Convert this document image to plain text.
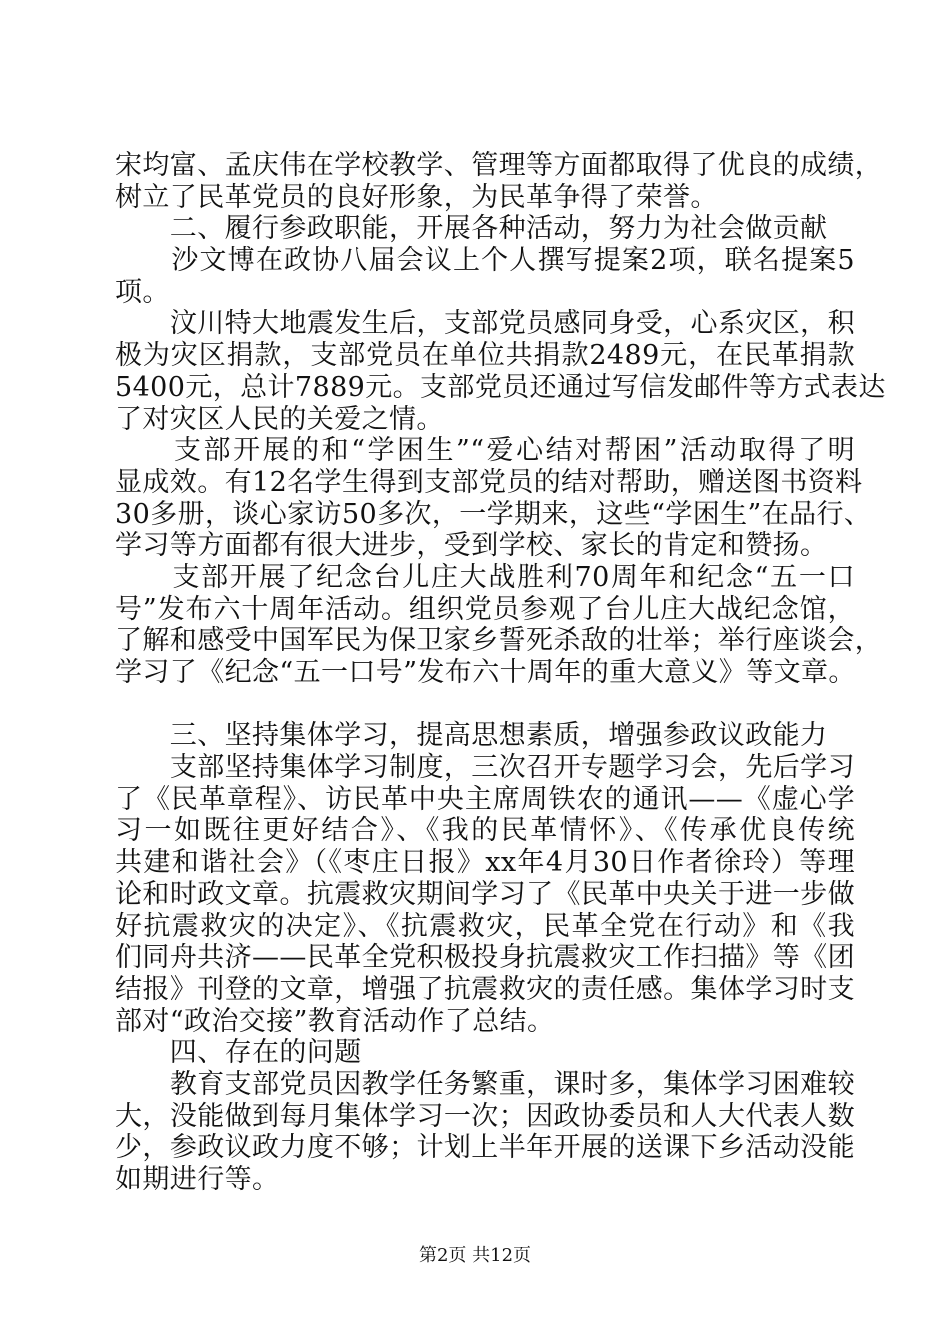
宋均富、孟庆伟在学校教学、管理等方面都取得了优良的成绩，
树立了民革党员的良好形象，为民革争得了荣誉。
　　二、履行参政职能，开展各种活动，努力为社会做贡献
　　沙文博在政协八届会议上个人撰写提案2项，联名提案5
项。
　　汶川特大地震发生后，支部党员感同身受，心系灾区，积
极为灾区捐款，支部党员在单位共捐款2489元，在民革捐款
5400元，总计7889元。支部党员还通过写信发邮件等方式表达
了对灾区人民的关爱之情。
　　支部开展的和“学困生”“爱心结对帮困”活动取得了明
显成效。有12名学生得到支部党员的结对帮助，赠送图书资料
30多册，谈心家访50多次，一学期来，这些“学困生”在品行、
学习等方面都有很大进步，受到学校、家长的肯定和赞扬。
　　支部开展了纪念台儿庄大战胜利70周年和纪念“五一口
号”发布六十周年活动。组织党员参观了台儿庄大战纪念馆，
了解和感受中国军民为保卫家乡誓死杀敌的壮举；举行座谈会，
学习了《纪念“五一口号”发布六十周年的重大意义》等文章。
　　三、坚持集体学习，提高思想素质，增强参政议政能力
　　支部坚持集体学习制度，三次召开专题学习会，先后学习
了《民革章程》、访民革中央主席周铁农的通讯——《虚心学
习一如既往更好结合》、《我的民革情怀》、《传承优良传统
共建和谐社会》（《枣庄日报》xx年4月30日作者徐玲）等理
论和时政文章。抗震救灾期间学习了《民革中央关于进一步做
好抗震救灾的决定》、《抗震救灾，民革全党在行动》和《我
们同舟共济——民革全党积极投身抗震救灾工作扫描》等《团
结报》刊登的文章，增强了抗震救灾的责任感。集体学习时支
部对“政治交接”教育活动作了总结。
　　四、存在的问题
　　教育支部党员因教学任务繁重，课时多，集体学习困难较
大，没能做到每月集体学习一次；因政协委员和人大代表人数
少，参政议政力度不够；计划上半年开展的送课下乡活动没能
如期进行等。
第2页 共12页
